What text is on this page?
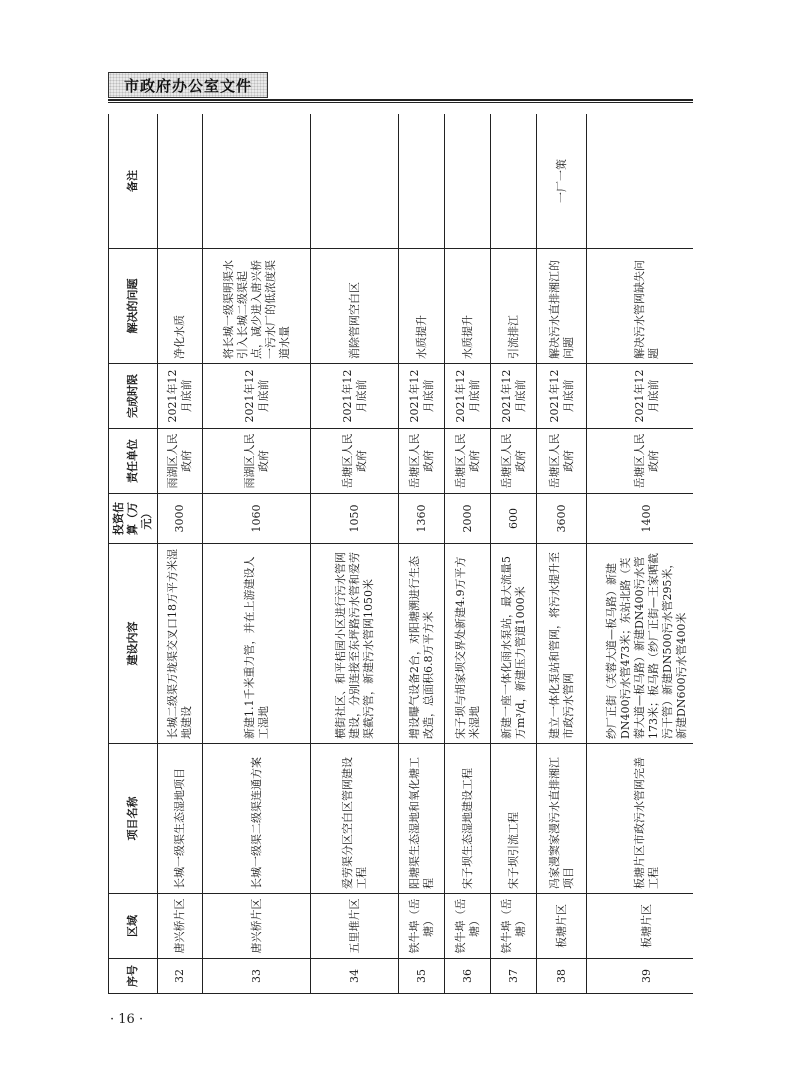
市政府办公室文件
序号	区域	项目名称	建设内容	投资估算（万元）	责任单位	完成时限	解决的问题	备注
32	唐兴桥片区	长城一级渠生态湿地项目	长城二级渠万垅渠交叉口18万平方米湿地建设	3000	雨湖区人民政府	2021年12月底前	净化水质	
33	唐兴桥片区	长城一级渠二级渠连通方案	新建1.1千米重力管，并在上游建设人工湿地	1060	雨湖区人民政府	2021年12月底前	将长城一级渠明渠水引入长城二级渠起点，减少进入唐兴桥一污水厂的低浓度渠道水量	
34	五里堆片区	爱劳渠分区空白区管网建设工程	横街社区、和平桔园小区进行污水管网建设，分别连接至东坪路污水管和爱劳渠截污管，新建污水管网1050米	1050	岳塘区人民政府	2021年12月底前	消除管网空白区	
35	铁牛埠（岳塘）	阳塘渠生态湿地和氧化塘工程	增设曝气设备2台，对阳塘溯进行生态改造，总面积6.8万平方米	1360	岳塘区人民政府	2021年12月底前	水质提升	
36	铁牛埠（岳塘）	宋子坝生态湿地建设工程	宋子坝与胡家坝交界处新建4.9万平方米湿地	2000	岳塘区人民政府	2021年12月底前	水质提升	
37	铁牛埠（岳塘）	宋子坝引流工程	新建一座一体化雨水泵站，最大流量5万m³/d，新建压力管道1000米	600	岳塘区人民政府	2021年12月底前	引流排江	
38	板塘片区	冯家漫窦家漫污水直排湘江项目	建立一体化泵站和管网，将污水提升至市政污水管网	3600	岳塘区人民政府	2021年12月底前	解决污水直排湘江的问题	一厂一策
39	板塘片区	板塘片区市政污水管网完善工程	纱厂正街（芙蓉大道—板马路）新建DN400污水管473米；东站北路（芙蓉大道—板马路）新建DN400污水管173米；板马路（纱厂正街—王家晒截污干管）新建DN500污水管295米，新建DN600污水管400米	1400	岳塘区人民政府	2021年12月底前	解决污水管网缺失问题	
· 16 ·
